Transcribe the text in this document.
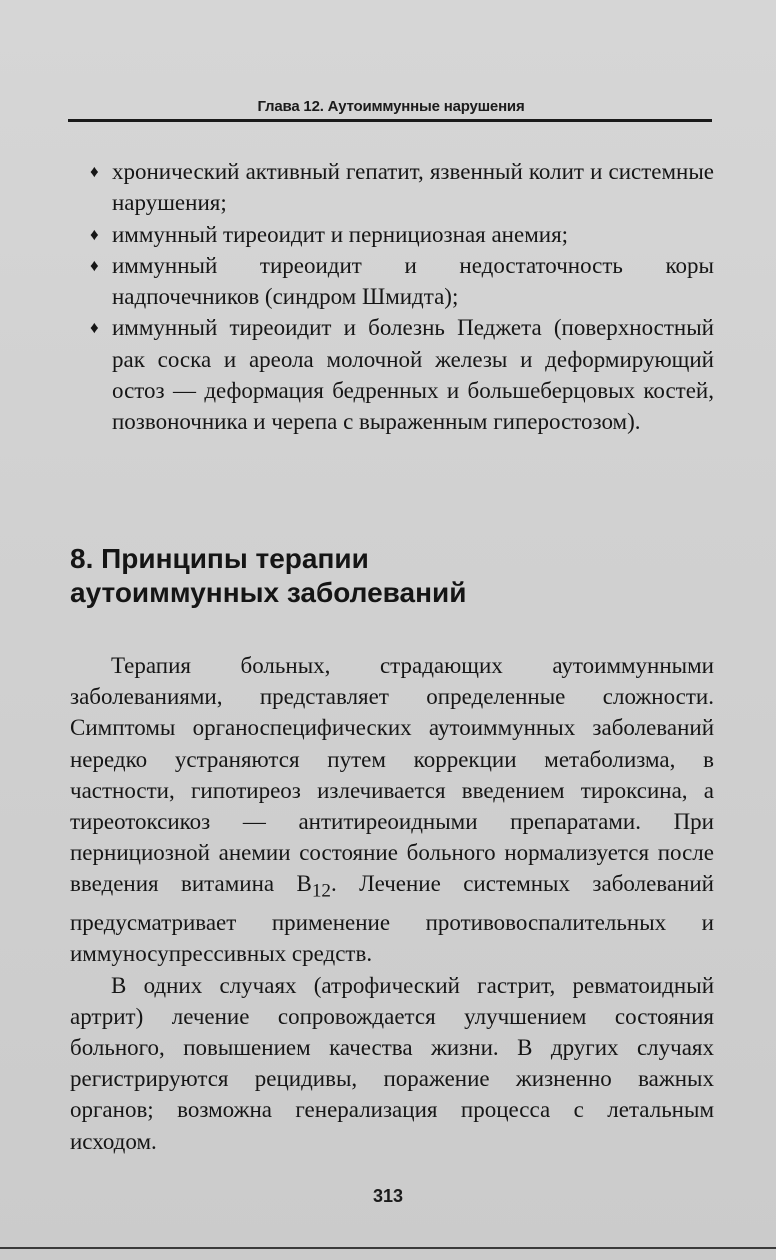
Глава 12. Аутоиммунные нарушения
♦ хронический активный гепатит, язвенный колит и системные нарушения;
♦ иммунный тиреоидит и пернициозная анемия;
♦ иммунный тиреоидит и недостаточность коры надпочечников (синдром Шмидта);
♦ иммунный тиреоидит и болезнь Педжета (поверхностный рак соска и ареола молочной железы и деформирующий остоз — деформация бедренных и большеберцовых костей, позвоночника и черепа с выраженным гиперостозом).
8. Принципы терапии
аутоиммунных заболеваний

Терапия больных, страдающих аутоиммунными заболеваниями, представляет определенные сложности. Симптомы органоспецифических аутоиммунных заболеваний нередко устраняются путем коррекции метаболизма, в частности, гипотиреоз излечивается введением тироксина, а тиреотоксикоз — антитиреоидными препаратами. При пернициозной анемии состояние больного нормализуется после введения витамина $В_{12}$. Лечение системных заболеваний предусматривает применение противовоспалительных и иммуносупрессивных средств.

В одних случаях (атрофический гастрит, ревматоидный артрит) лечение сопровождается улучшением состояния больного, повышением качества жизни. В других случаях регистрируются рецидивы, поражение жизненно важных органов; возможна генерализация процесса с летальным исходом.

313
